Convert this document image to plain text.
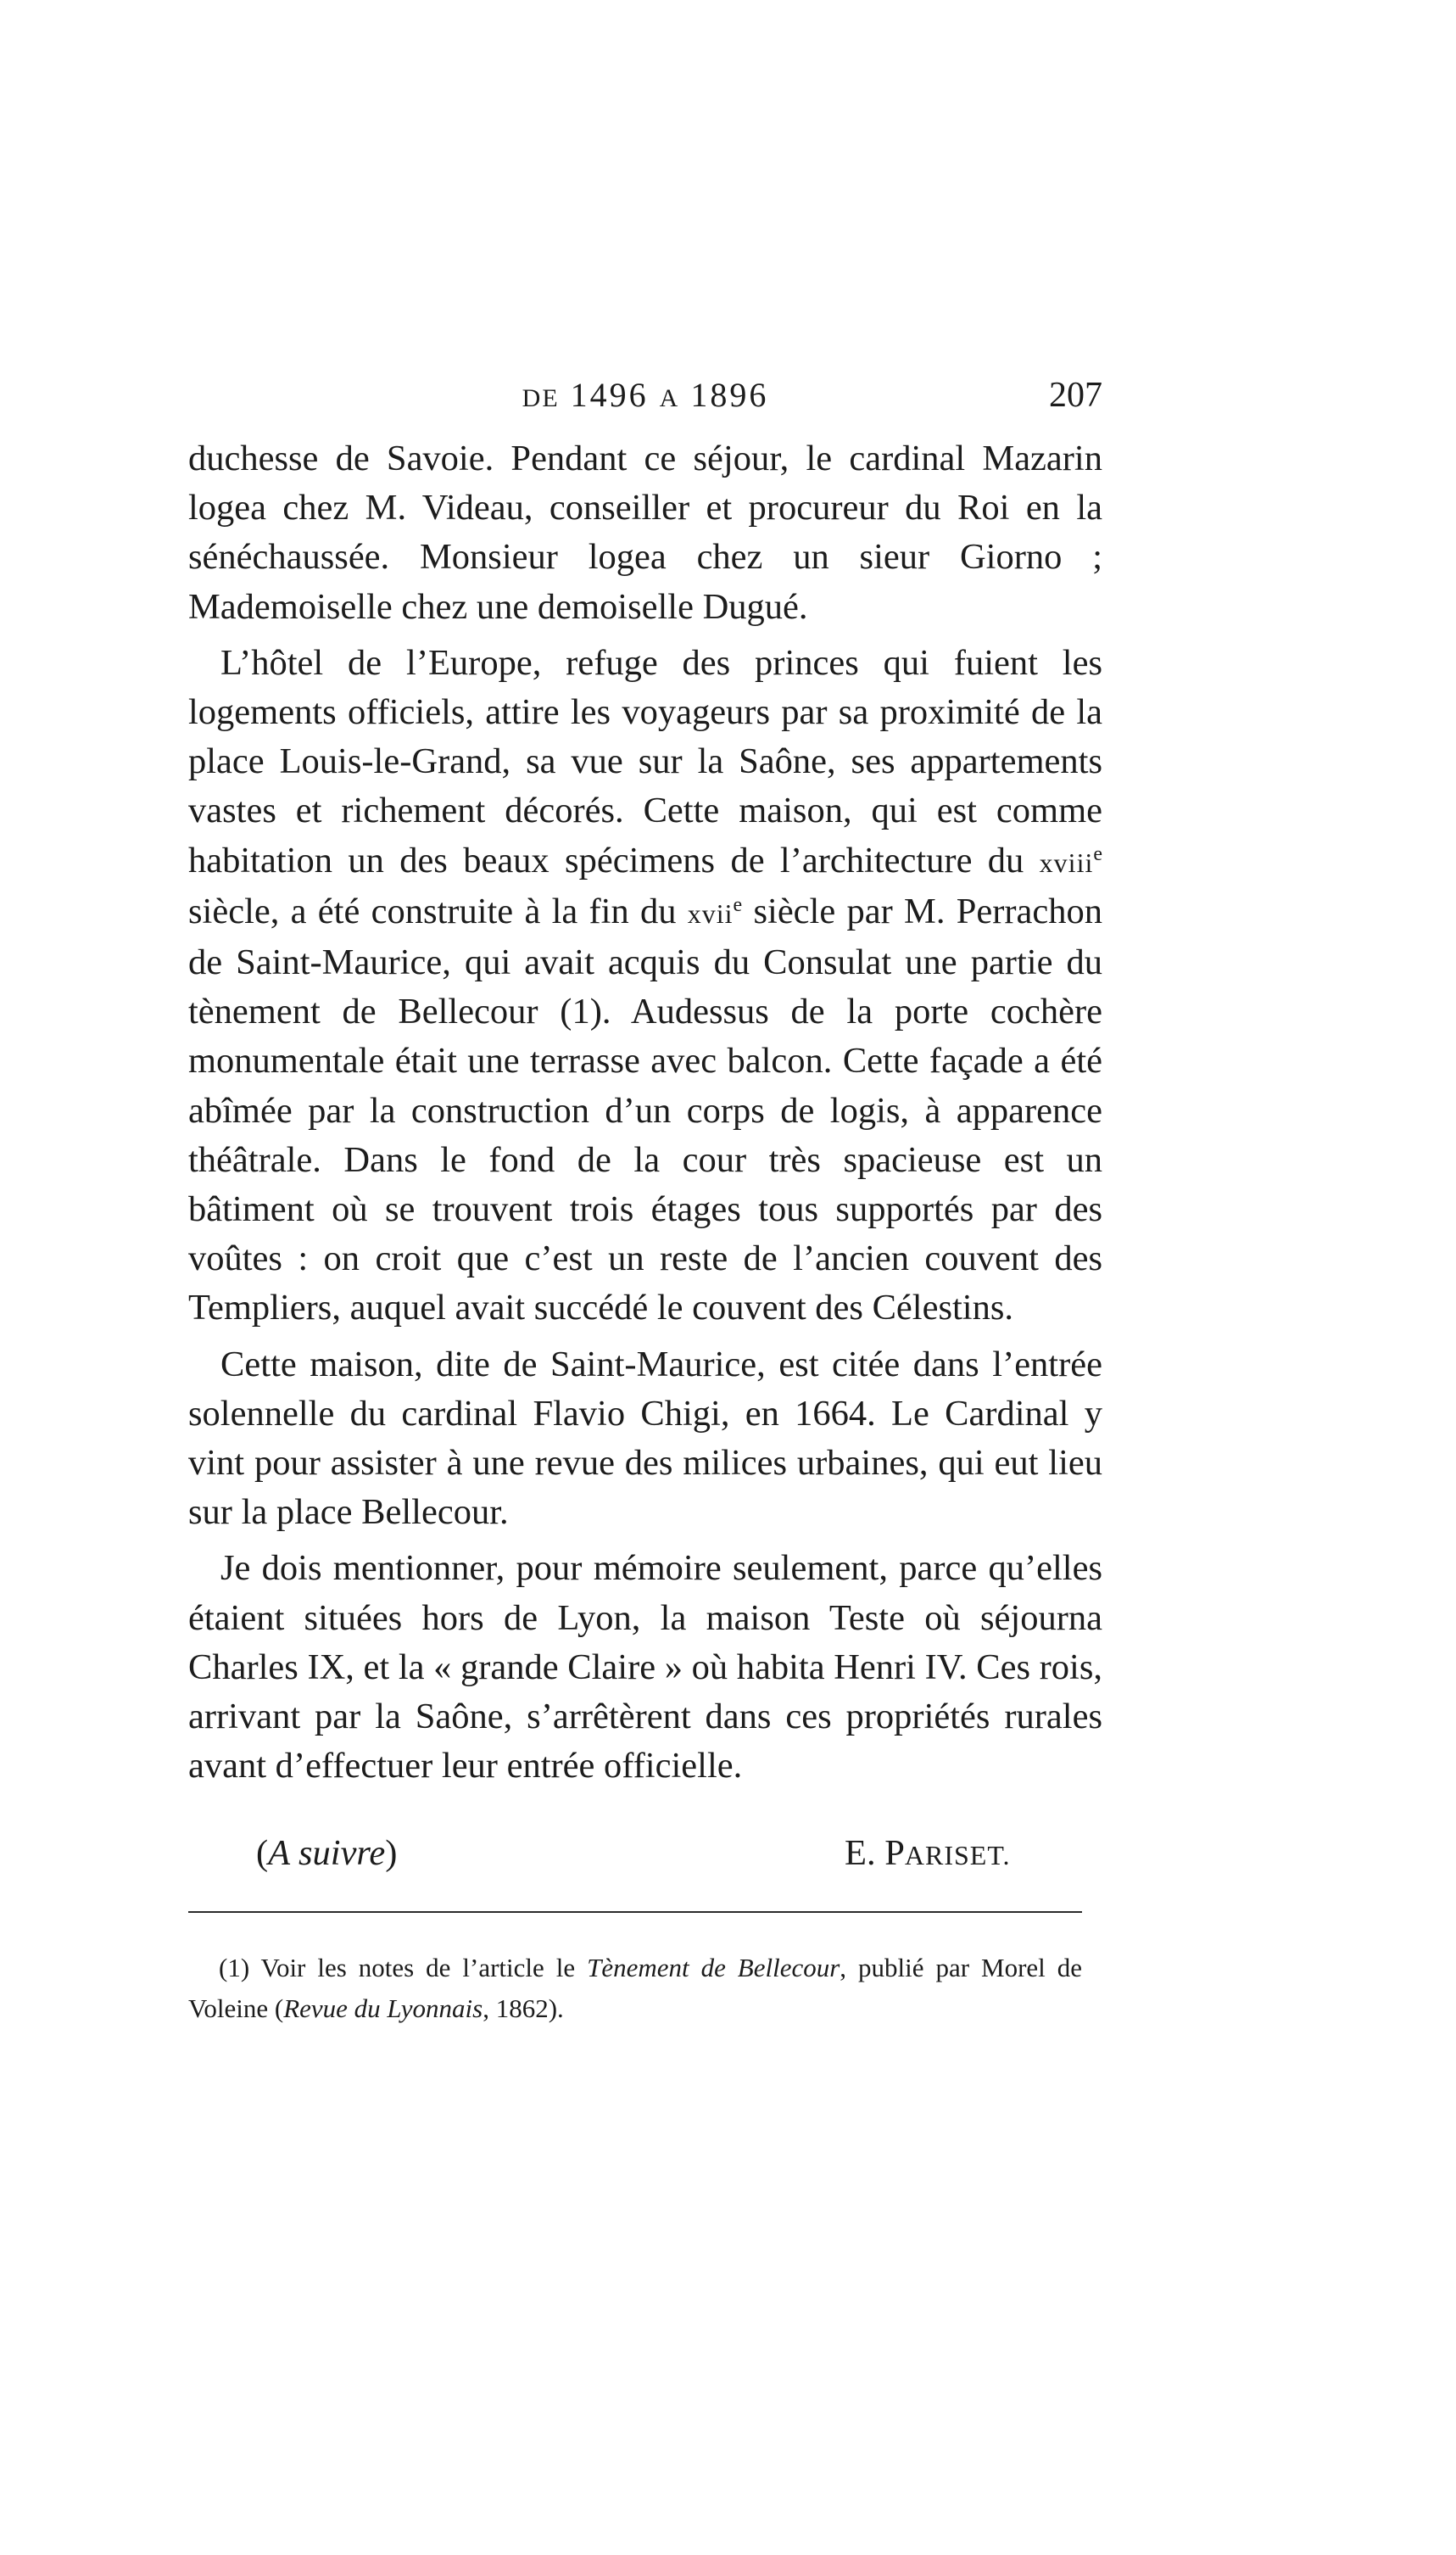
DE 1496 A 1896	207

duchesse de Savoie. Pendant ce séjour, le cardinal Mazarin logea chez M. Videau, conseiller et procureur du Roi en la sénéchaussée. Monsieur logea chez un sieur Giorno ; Mademoiselle chez une demoiselle Dugué.

L’hôtel de l’Europe, refuge des princes qui fuient les logements officiels, attire les voyageurs par sa proximité de la place Louis-le-Grand, sa vue sur la Saône, ses appartements vastes et richement décorés. Cette maison, qui est comme habitation un des beaux spécimens de l’architecture du xviii$^e$ siècle, a été construite à la fin du xvii$^e$ siècle par M. Perrachon de Saint-Maurice, qui avait acquis du Consulat une partie du tènement de Bellecour (1). Audessus de la porte cochère monumentale était une terrasse avec balcon. Cette façade a été abîmée par la construction d’un corps de logis, à apparence théâtrale. Dans le fond de la cour très spacieuse est un bâtiment où se trouvent trois étages tous supportés par des voûtes : on croit que c’est un reste de l’ancien couvent des Templiers, auquel avait succédé le couvent des Célestins.

Cette maison, dite de Saint-Maurice, est citée dans l’entrée solennelle du cardinal Flavio Chigi, en 1664. Le Cardinal y vint pour assister à une revue des milices urbaines, qui eut lieu sur la place Bellecour.

Je dois mentionner, pour mémoire seulement, parce qu’elles étaient situées hors de Lyon, la maison Teste où séjourna Charles IX, et la « grande Claire » où habita Henri IV. Ces rois, arrivant par la Saône, s’arrêtèrent dans ces propriétés rurales avant d’effectuer leur entrée officielle.

(A suivre)	E. PARISET.
(1) Voir les notes de l’article le Tènement de Bellecour, publié par Morel de Voleine (Revue du Lyonnais, 1862).
